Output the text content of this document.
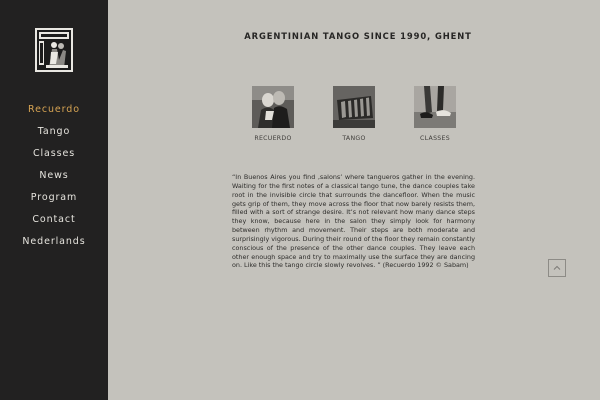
Recuerdo
Tango
Classes
News
Program
Contact
Nederlands
ARGENTINIAN TANGO SINCE 1990, GHENT
RECUERDO	TANGO	CLASSES

“In Buenos Aires you find ‚salons’ where tangueros gather in the evening. Waiting for the first notes of a classical tango tune, the dance couples take root in the invisible circle that surrounds the dancefloor. When the music gets grip of them, they move across the floor that now barely resists them, filled with a sort of strange desire. It’s not relevant how many dance steps they know, because here in the salon they simply look for harmony between rhythm and movement. Their steps are both moderate and surprisingly vigorous. During their round of the floor they remain constantly conscious of the presence of the other dance couples. They leave each other enough space and try to maximally use the surface they are dancing on. Like this the tango circle slowly revolves. ” (Recuerdo 1992 © Sabam)
